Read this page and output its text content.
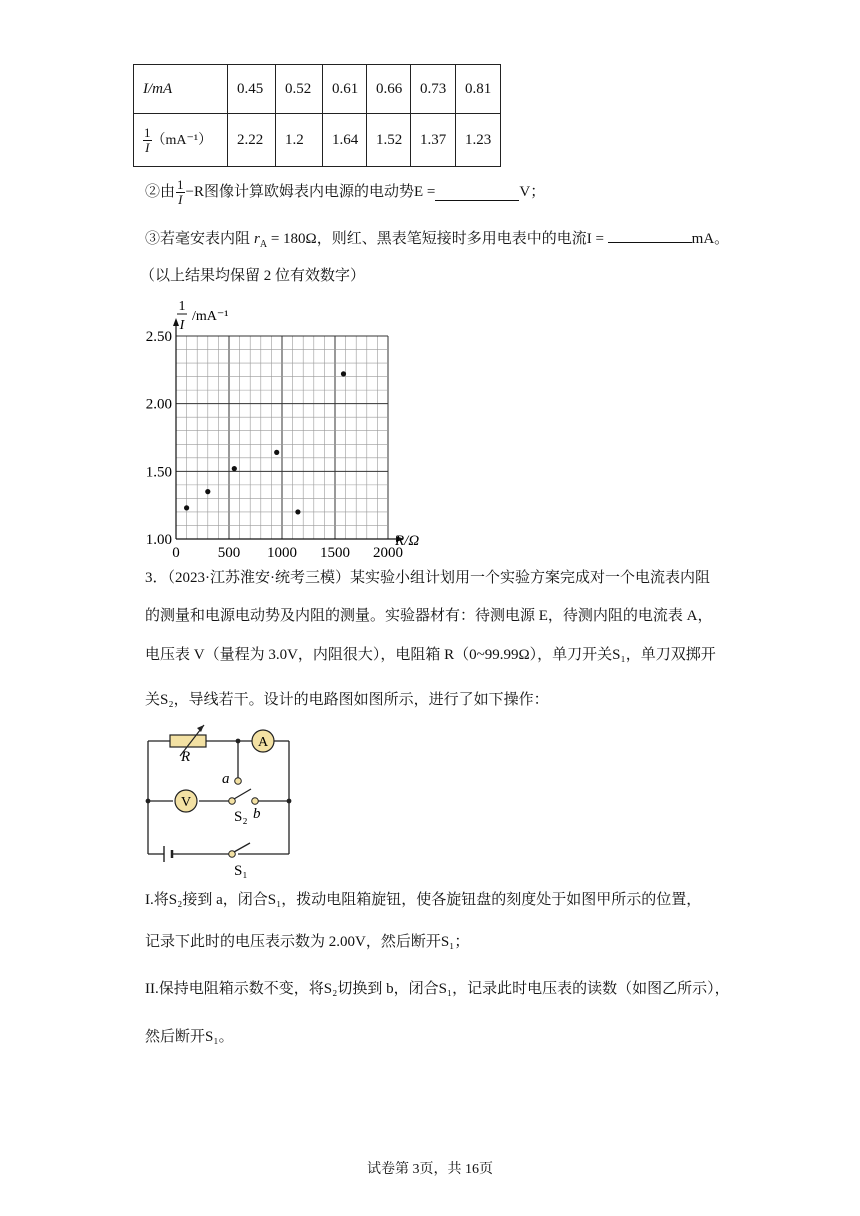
I/mA	0.45	0.52	0.61	0.66	0.73	0.81

$\frac{1}{I} (mA^{-1})$	2.22	1.2	1.64	1.52	1.37	1.23
②由 $\frac{1}{I} -R$图像计算欧姆表内电源的电动势E =	V；
③若毫安表内阻 $r_A = 180\Omega$，则红、黑表笔短接时多用电表中的电流I =	mA。
（以上结果均保留 2 位有效数字）
0	500 1000 1500 2000
1.00
1.50
2.00
2.50
1
I
/mA⁻¹
R/Ω
3．（2023·江苏淮安·统考三模）某实验小组计划用一个实验方案完成对一个电流表内阻
的测量和电源电动势及内阻的测量。实验器材有：待测电源 E，待测内阻的电流表 A，
电压表 V（量程为 3.0V，内阻很大），电阻箱 R（0~99.99Ω），单刀开关S₁，单刀双掷开
关S₂，导线若干。设计的电路图如图所示，进行了如下操作：
A
V
R
a
b
S₂
S₁
I.将S₂接到 a，闭合S₁，拨动电阻箱旋钮，使各旋钮盘的刻度处于如图甲所示的位置，
记录下此时的电压表示数为 2.00V，然后断开S₁；
II.保持电阻箱示数不变，将S₂切换到 b，闭合S₁，记录此时电压表的读数（如图乙所示），
然后断开S₁。
试卷第 3页，共 16页
